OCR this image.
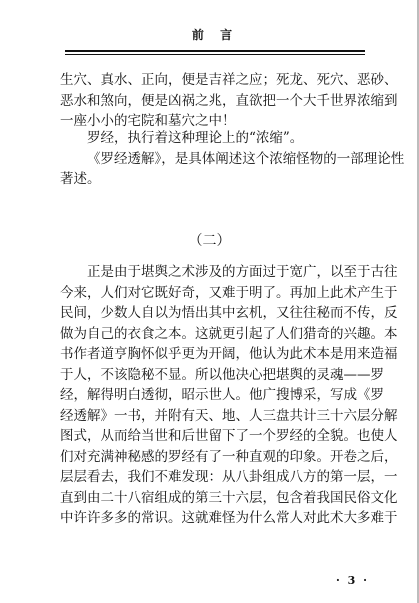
前 言
生穴、真水、正向，便是吉祥之应；死龙、死穴、恶砂、
恶水和煞向，便是凶祸之兆，直欲把一个大千世界浓缩到
一座小小的宅院和墓穴之中！
罗经，执行着这种理论上的“浓缩”。
《罗经透解》，是具体阐述这个浓缩怪物的一部理论性
著述。
（二）
正是由于堪舆之术涉及的方面过于宽广，以至于古往
今来，人们对它既好奇，又难于明了。再加上此术产生于
民间，少数人自以为悟出其中玄机，又往往秘而不传，反
做为自己的衣食之本。这就更引起了人们猎奇的兴趣。本
书作者道亨胸怀似乎更为开阔，他认为此术本是用来造福
于人，不该隐秘不显。所以他决心把堪舆的灵魂——罗
经，解得明白透彻，昭示世人。他广搜博采，写成《罗
经透解》一书，并附有天、地、人三盘共计三十六层分解
图式，从而给当世和后世留下了一个罗经的全貌。也使人
们对充满神秘感的罗经有了一种直观的印象。开卷之后，
层层看去，我们不难发现：从八卦组成八方的第一层，一
直到由二十八宿组成的第三十六层，包含着我国民俗文化
中许许多多的常识。这就难怪为什么常人对此术大多难于
· 3 ·
